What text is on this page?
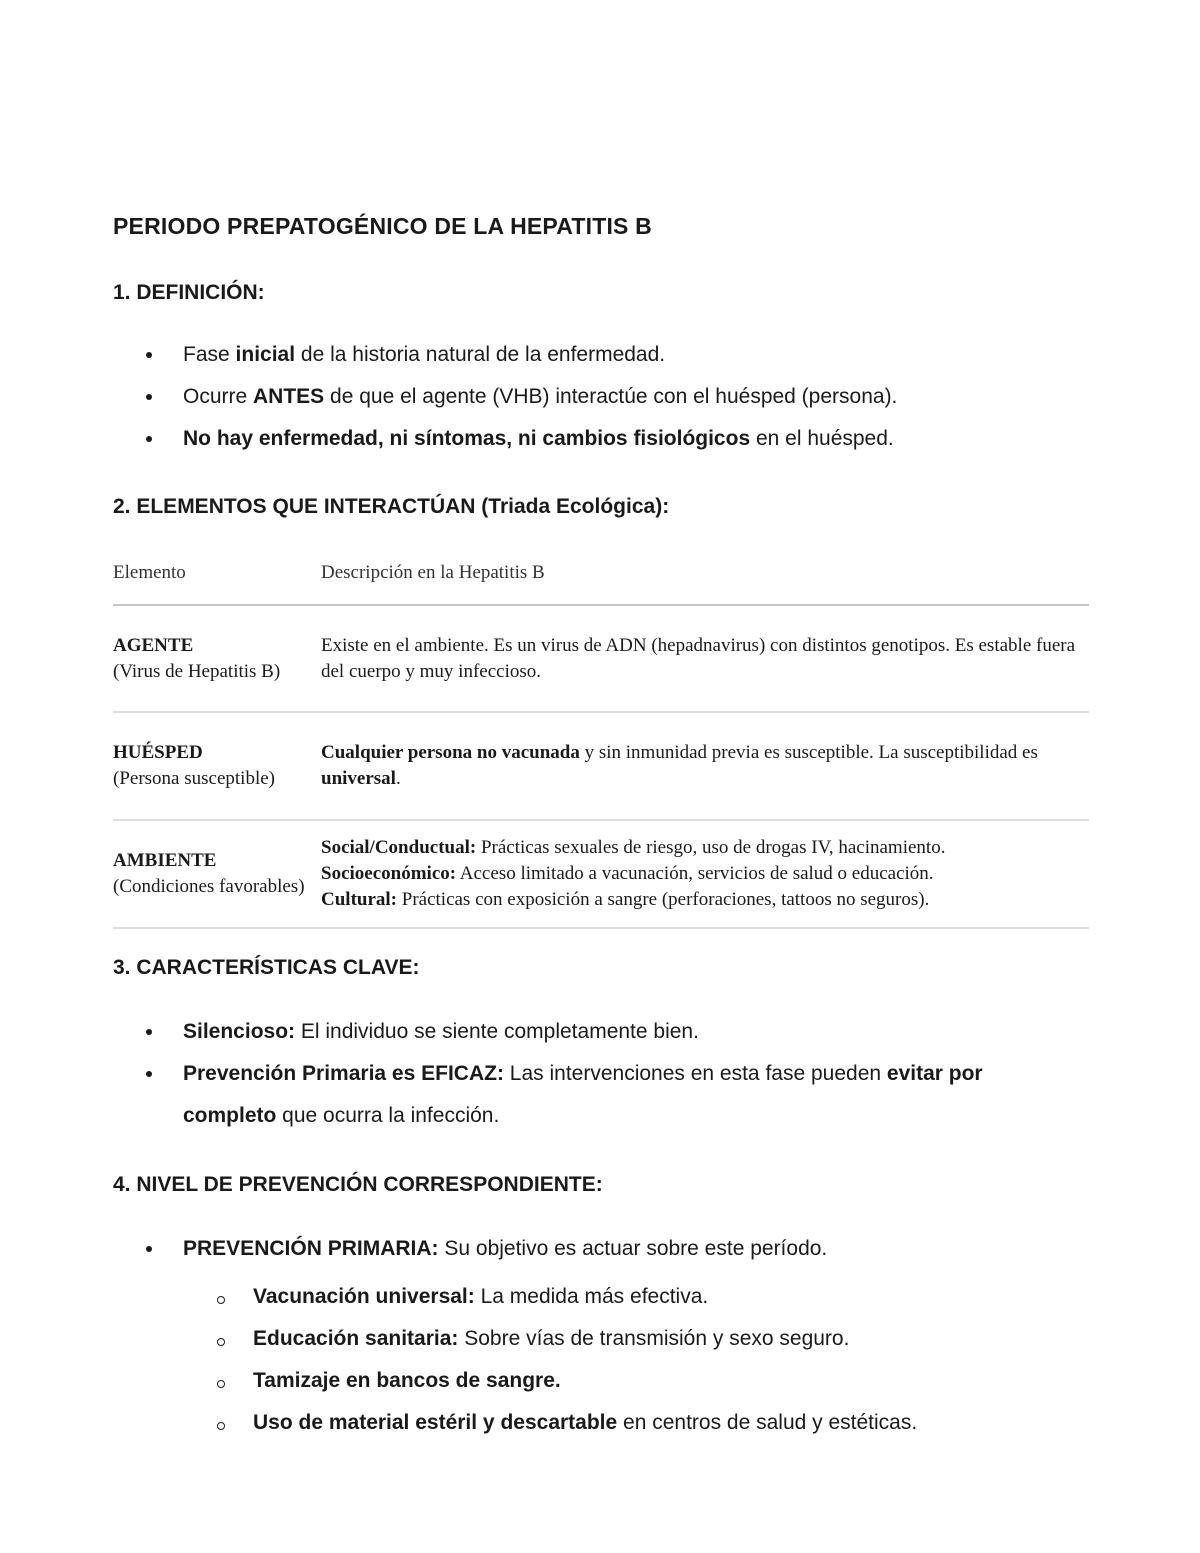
PERIODO PREPATOGÉNICO DE LA HEPATITIS B
1. DEFINICIÓN:
Fase inicial de la historia natural de la enfermedad.
Ocurre ANTES de que el agente (VHB) interactúe con el huésped (persona).
No hay enfermedad, ni síntomas, ni cambios fisiológicos en el huésped.
2. ELEMENTOS QUE INTERACTÚAN (Triada Ecológica):
Elemento	Descripción en la Hepatitis B
AGENTE
(Virus de Hepatitis B)
Existe en el ambiente. Es un virus de ADN (hepadnavirus) con distintos genotipos. Es estable fuera del cuerpo y muy infeccioso.
HUÉSPED
(Persona susceptible)
Cualquier persona no vacunada y sin inmunidad previa es susceptible. La susceptibilidad es universal.
AMBIENTE
(Condiciones favorables)
Social/Conductual: Prácticas sexuales de riesgo, uso de drogas IV, hacinamiento.
Socioeconómico: Acceso limitado a vacunación, servicios de salud o educación.
Cultural: Prácticas con exposición a sangre (perforaciones, tattoos no seguros).
3. CARACTERÍSTICAS CLAVE:
Silencioso: El individuo se siente completamente bien.
Prevención Primaria es EFICAZ: Las intervenciones en esta fase pueden evitar por completo que ocurra la infección.
4. NIVEL DE PREVENCIÓN CORRESPONDIENTE:
PREVENCIÓN PRIMARIA: Su objetivo es actuar sobre este período.
Vacunación universal: La medida más efectiva.
Educación sanitaria: Sobre vías de transmisión y sexo seguro.
Tamizaje en bancos de sangre.
Uso de material estéril y descartable en centros de salud y estéticas.
